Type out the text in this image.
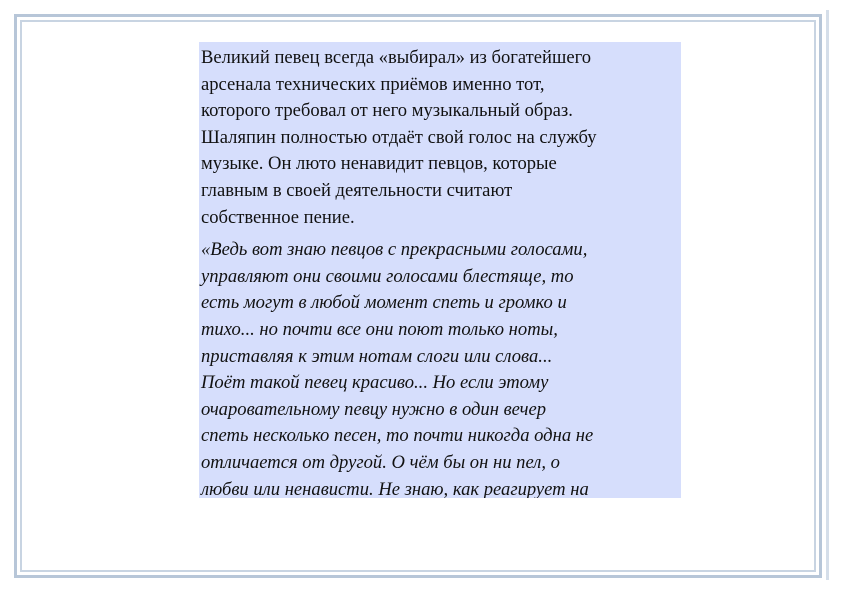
Великий певец всегда «выбирал» из богатейшего
арсенала технических приёмов именно тот,
которого требовал от него музыкальный образ.
Шаляпин полностью отдаёт свой голос на службу
музыке. Он люто ненавидит певцов, которые
главным в своей деятельности считают
собственное пение.

«Ведь вот знаю певцов с прекрасными голосами,
управляют они своими голосами блестяще, то
есть могут в любой момент спеть и громко и
тихо... но почти все они поют только ноты,
приставляя к этим нотам слоги или слова...
Поёт такой певец красиво... Но если этому
очаровательному певцу нужно в один вечер
спеть несколько песен, то почти никогда одна не
отличается от другой. О чём бы он ни пел, о
любви или ненависти. Не знаю, как реагирует на
